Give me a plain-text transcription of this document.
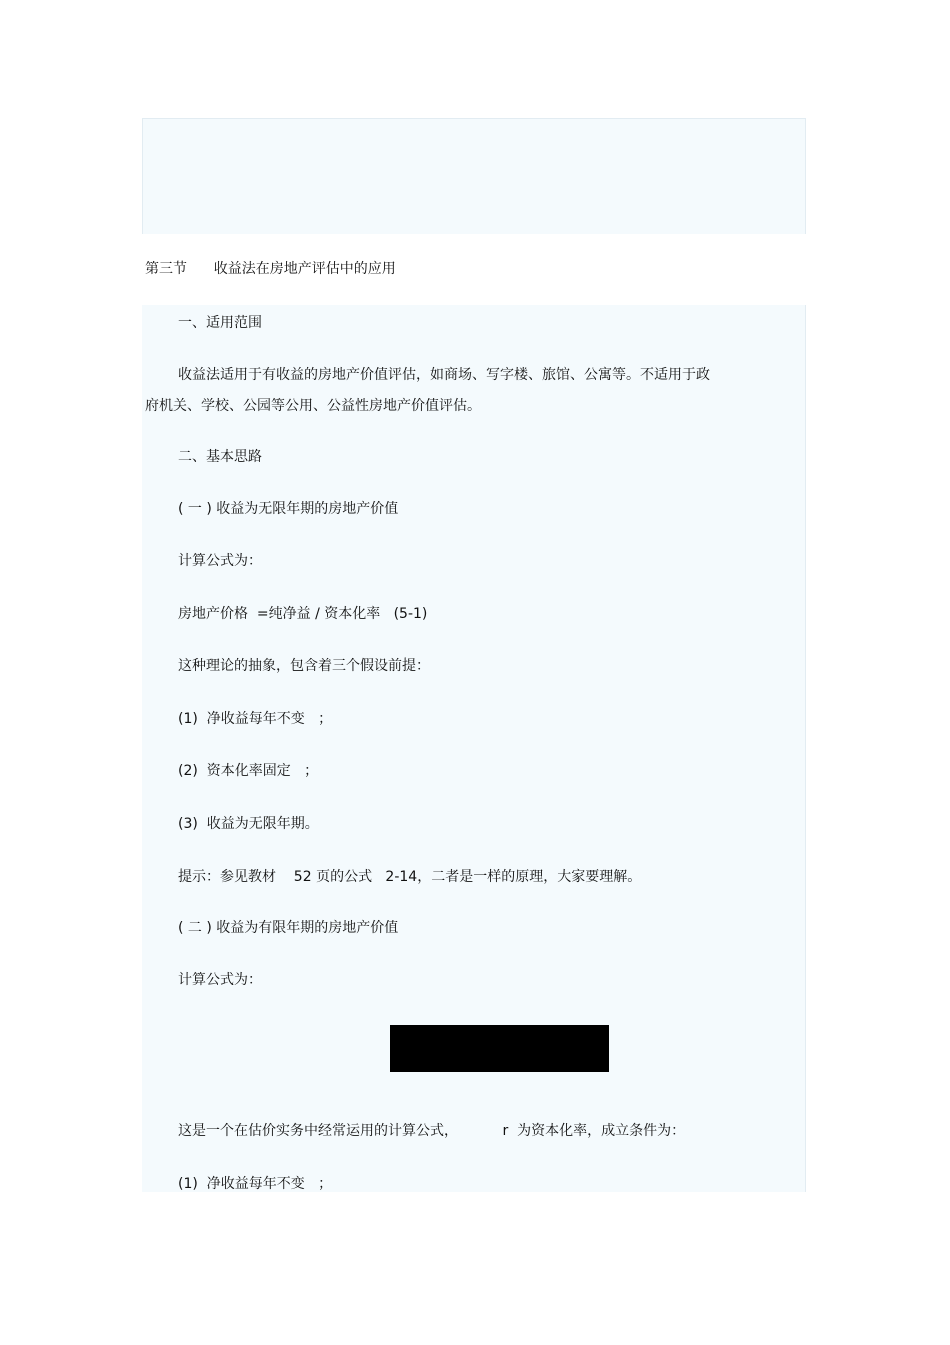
第三节      收益法在房地产评估中的应用
一、适用范围
收益法适用于有收益的房地产价值评估，如商场、写字楼、旅馆、公寓等。不适用于政
府机关、学校、公园等公用、公益性房地产价值评估。
二、基本思路
( 一 ) 收益为无限年期的房地产价值
计算公式为：
房地产价格  =纯净益 / 资本化率   (5-1)
这种理论的抽象，包含着三个假设前提：
(1)  净收益每年不变   ；
(2)  资本化率固定   ；
(3)  收益为无限年期。
提示：参见教材    52 页的公式   2-14，二者是一样的原理，大家要理解。
( 二 ) 收益为有限年期的房地产价值
计算公式为：
这是一个在估价实务中经常运用的计算公式，          r  为资本化率，成立条件为：
(1)  净收益每年不变   ；
